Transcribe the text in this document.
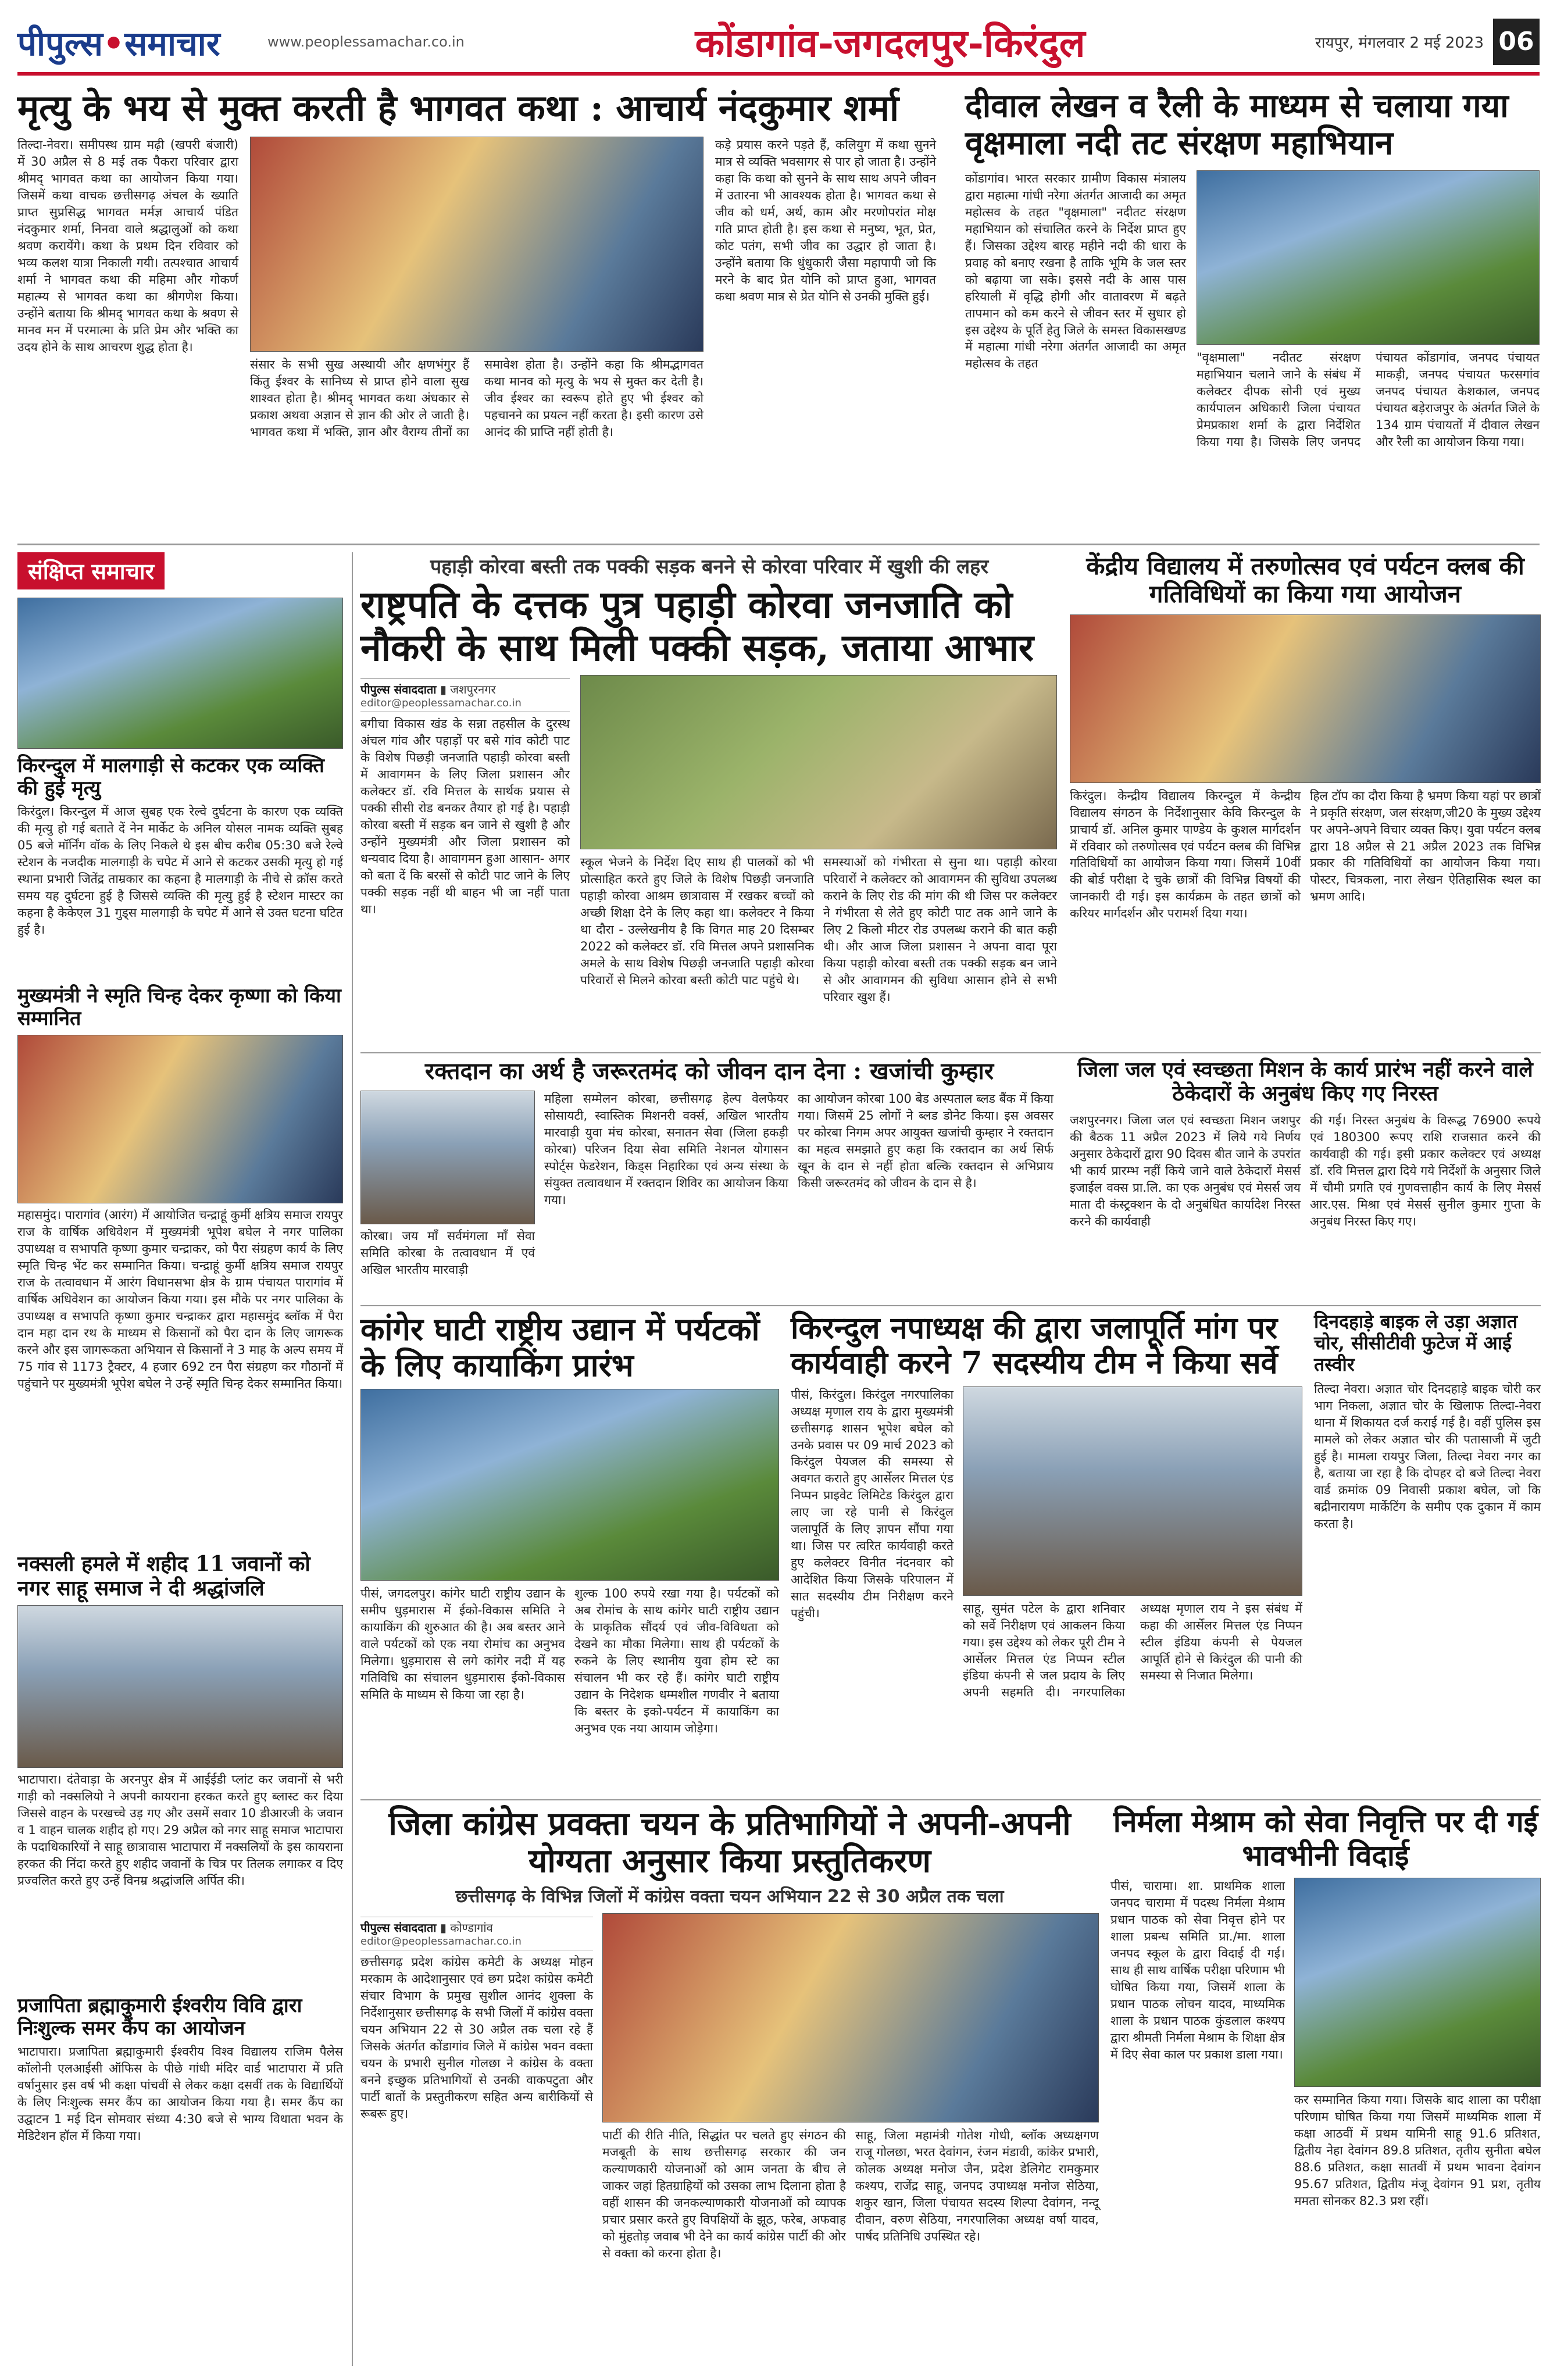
पीपुल्स•समाचार	www.peoplessamachar.co.in	कोंडागांव-जगदलपुर-किरंदुल	रायपुर, मंगलवार 2 मई 2023 06
मृत्यु के भय से मुक्त करती है भागवत कथा : आचार्य नंदकुमार शर्मा
तिल्दा-नेवरा। समीपस्थ ग्राम मढ़ी (खपरी बंजारी) में 30 अप्रैल से 8 मई तक पैकरा परिवार द्वारा श्रीमद् भागवत कथा का आयोजन किया गया। जिसमें कथा वाचक छत्तीसगढ़ अंचल के ख्याति प्राप्त सुप्रसिद्ध भागवत मर्मज्ञ आचार्य पंडित नंदकुमार शर्मा, निनवा वाले श्रद्धालुओं को कथा श्रवण करायेंगे। कथा के प्रथम दिन रविवार को भव्य कलश यात्रा निकाली गयी। तत्पश्चात आचार्य शर्मा ने भागवत कथा की महिमा और गोकर्ण महात्म्य से भागवत कथा का श्रीगणेश किया। उन्होंने बताया कि श्रीमद् भागवत कथा के श्रवण से मानव मन में परमात्मा के प्रति प्रेम और भक्ति का उदय होने के साथ आचरण शुद्ध होता है।
संसार के सभी सुख अस्थायी और क्षणभंगुर हैं किंतु ईश्वर के सानिध्य से प्राप्त होने वाला सुख शाश्वत होता है। श्रीमद् भागवत कथा अंधकार से प्रकाश अथवा अज्ञान से ज्ञान की ओर ले जाती है। भागवत कथा में भक्ति, ज्ञान और वैराग्य तीनों का समावेश होता है। उन्होंने कहा कि श्रीमद्भागवत कथा मानव को मृत्यु के भय से मुक्त कर देती है। जीव ईश्वर का स्वरूप होते हुए भी ईश्वर को पहचानने का प्रयत्न नहीं करता है। इसी कारण उसे आनंद की प्राप्ति नहीं होती है।
कड़े प्रयास करने पड़ते हैं, कलियुग में कथा सुनने मात्र से व्यक्ति भवसागर से पार हो जाता है। उन्होंने कहा कि कथा को सुनने के साथ साथ अपने जीवन में उतारना भी आवश्यक होता है। भागवत कथा से जीव को धर्म, अर्थ, काम और मरणोपरांत मोक्ष गति प्राप्त होती है। इस कथा से मनुष्य, भूत, प्रेत, कोट पतंग, सभी जीव का उद्धार हो जाता है। उन्होंने बताया कि धुंधुकारी जैसा महापापी जो कि मरने के बाद प्रेत योनि को प्राप्त हुआ, भागवत कथा श्रवण मात्र से प्रेत योनि से उनकी मुक्ति हुई।
दीवाल लेखन व रैली के माध्यम से चलाया गया वृक्षमाला नदी तट संरक्षण महाभियान
कोंडागांव। भारत सरकार ग्रामीण विकास मंत्रालय द्वारा महात्मा गांधी नरेगा अंतर्गत आजादी का अमृत महोत्सव के तहत "वृक्षमाला" नदीतट संरक्षण महाभियान को संचालित करने के निर्देश प्राप्त हुए हैं। जिसका उद्देश्य बारह महीने नदी की धारा के प्रवाह को बनाए रखना है ताकि भूमि के जल स्तर को बढ़ाया जा सके। इससे नदी के आस पास हरियाली में वृद्धि होगी और वातावरण में बढ़ते तापमान को कम करने से जीवन स्तर में सुधार हो इस उद्देश्य के पूर्ति हेतु जिले के समस्त विकासखण्ड में महात्मा गांधी नरेगा अंतर्गत आजादी का अमृत महोत्सव के तहत	"वृक्षमाला" नदीतट संरक्षण महाभियान चलाने जाने के संबंध में कलेक्टर दीपक सोनी एवं मुख्य कार्यपालन अधिकारी जिला पंचायत प्रेमप्रकाश शर्मा के द्वारा निर्देशित किया गया है। जिसके लिए जनपद पंचायत कोंडागांव, जनपद पंचायत माकड़ी, जनपद पंचायत फरसगांव जनपद पंचायत केशकाल, जनपद पंचायत बड़ेराजपुर के अंतर्गत जिले के 134 ग्राम पंचायतों में दीवाल लेखन और रैली का आयोजन किया गया।
संक्षिप्त समाचार
किरन्दुल में मालगाड़ी से कटकर एक व्यक्ति की हुई मृत्यु
किरंदुल। किरन्दुल में आज सुबह एक रेल्वे दुर्घटना के कारण एक व्यक्ति की मृत्यु हो गई बताते दें नेन मार्केट के अनिल योसल नामक व्यक्ति सुबह 05 बजे मॉर्निंग वॉक के लिए निकले थे इस बीच करीब 05:30 बजे रेल्वे स्टेशन के नजदीक मालगाड़ी के चपेट में आने से कटकर उसकी मृत्यु हो गई स्थाना प्रभारी जितेंद्र ताम्रकार का कहना है मालगाड़ी के नीचे से क्रॉस करते समय यह दुर्घटना हुई है जिससे व्यक्ति की मृत्यु हुई है स्टेशन मास्टर का कहना है केकेएल 31 गुड्स मालगाड़ी के चपेट में आने से उक्त घटना घटित हुई है।
मुख्यमंत्री ने स्मृति चिन्ह देकर कृष्णा को किया सम्मानित
महासमुंद। पारागांव (आरंग) में आयोजित चन्द्राहूं कुर्मी क्षत्रिय समाज रायपुर राज के वार्षिक अधिवेशन में मुख्यमंत्री भूपेश बघेल ने नगर पालिका उपाध्यक्ष व सभापति कृष्णा कुमार चन्द्राकर, को पैरा संग्रहण कार्य के लिए स्मृति चिन्ह भेंट कर सम्मानित किया। चन्द्राहूं कुर्मी क्षत्रिय समाज रायपुर राज के तत्वावधान में आरंग विधानसभा क्षेत्र के ग्राम पंचायत पारागांव में वार्षिक अधिवेशन का आयोजन किया गया। इस मौके पर नगर पालिका के उपाध्यक्ष व सभापति कृष्णा कुमार चन्द्राकर द्वारा महासमुंद ब्लॉक में पैरा दान महा दान रथ के माध्यम से किसानों को पैरा दान के लिए जागरूक करने और इस जागरूकता अभियान से किसानों ने 3 माह के अल्प समय में 75 गांव से 1173 ट्रैक्टर, 4 हजार 692 टन पैरा संग्रहण कर गौठानों में पहुंचाने पर मुख्यमंत्री भूपेश बघेल ने उन्हें स्मृति चिन्ह देकर सम्मानित किया।
नक्सली हमले में शहीद 11 जवानों को नगर साहू समाज ने दी श्रद्धांजलि
भाटापारा। दंतेवाड़ा के अरनपुर क्षेत्र में आईईडी प्लांट कर जवानों से भरी गाड़ी को नक्सलियो ने अपनी कायराना हरकत करते हुए ब्लास्ट कर दिया जिससे वाहन के परखच्चे उड़ गए और उसमें सवार 10 डीआरजी के जवान व 1 वाहन चालक शहीद हो गए। 29 अप्रैल को नगर साहू समाज भाटापारा के पदाधिकारियों ने साहू छात्रावास भाटापारा में नक्सलियों के इस कायराना हरकत की निंदा करते हुए शहीद जवानों के चित्र पर तिलक लगाकर व दिए प्रज्वलित करते हुए उन्हें विनम्र श्रद्धांजलि अर्पित की।
प्रजापिता ब्रह्माकुमारी ईश्वरीय विवि द्वारा निःशुल्क समर कैंप का आयोजन
भाटापारा। प्रजापिता ब्रह्माकुमारी ईश्वरीय विश्व विद्यालय राजिम पैलेस कॉलोनी एलआईसी ऑफिस के पीछे गांधी मंदिर वार्ड भाटापारा में प्रति वर्षानुसार इस वर्ष भी कक्षा पांचवीं से लेकर कक्षा दसवीं तक के विद्यार्थियों के लिए निःशुल्क समर कैंप का आयोजन किया गया है। समर कैंप का उद्घाटन 1 मई दिन सोमवार संध्या 4:30 बजे से भाग्य विधाता भवन के मेडिटेशन हॉल में किया गया।
पहाड़ी कोरवा बस्ती तक पक्की सड़क बनने से कोरवा परिवार में खुशी की लहर
राष्ट्रपति के दत्तक पुत्र पहाड़ी कोरवा जनजाति को नौकरी के साथ मिली पक्की सड़क, जताया आभार
पीपुल्स संवाददाता ▮ जशपुरनगर
editor@peoplessamachar.co.in
बगीचा विकास खंड के सन्ना तहसील के दुरस्थ अंचल गांव और पहाड़ों पर बसे गांव कोटी पाट के विशेष पिछड़ी जनजाति पहाड़ी कोरवा बस्ती में आवागमन के लिए जिला प्रशासन और कलेक्टर डॉ. रवि मित्तल के सार्थक प्रयास से पक्की सीसी रोड बनकर तैयार हो गई है। पहाड़ी कोरवा बस्ती में सड़क बन जाने से खुशी है और उन्होंने मुख्यमंत्री और जिला प्रशासन को धन्यवाद दिया है। आवागमन हुआ आसान- अगर को बता दें कि बरसों से कोटी पाट जाने के लिए पक्की सड़क नहीं थी बाहन भी जा नहीं पाता था।
स्कूल भेजने के निर्देश दिए साथ ही पालकों को भी प्रोत्साहित करते हुए जिले के विशेष पिछड़ी जनजाति पहाड़ी कोरवा आश्रम छात्रावास में रखकर बच्चों को अच्छी शिक्षा देने के लिए कहा था। कलेक्टर ने किया था दौरा - उल्लेखनीय है कि विगत माह 20 दिसम्बर 2022 को कलेक्टर डॉ. रवि मित्तल अपने प्रशासनिक अमले के साथ विशेष पिछड़ी जनजाति पहाड़ी कोरवा परिवारों से मिलने कोरवा बस्ती कोटी पाट पहुंचे थे।
समस्याओं को गंभीरता से सुना था। पहाड़ी कोरवा परिवारों ने कलेक्टर को आवागमन की सुविधा उपलब्ध कराने के लिए रोड की मांग की थी जिस पर कलेक्टर ने गंभीरता से लेते हुए कोटी पाट तक आने जाने के लिए 2 किलो मीटर रोड उपलब्ध कराने की बात कही थी। और आज जिला प्रशासन ने अपना वादा पूरा किया पहाड़ी कोरवा बस्ती तक पक्की सड़क बन जाने से और आवागमन की सुविधा आसान होने से सभी परिवार खुश हैं।
केंद्रीय विद्यालय में तरुणोत्सव एवं पर्यटन क्लब की गतिविधियों का किया गया आयोजन
किरंदुल। केन्द्रीय विद्यालय किरन्दुल में केन्द्रीय विद्यालय संगठन के निर्देशानुसार केवि किरन्दुल के प्राचार्य डॉ. अनिल कुमार पाण्डेय के कुशल मार्गदर्शन में रविवार को तरुणोत्सव एवं पर्यटन क्लब की विभिन्न गतिविधियों का आयोजन किया गया। जिसमें 10वीं की बोर्ड परीक्षा दे चुके छात्रों की विभिन्न विषयों की जानकारी दी गई। इस कार्यक्रम के तहत छात्रों को करियर मार्गदर्शन और परामर्श दिया गया।
हिल टॉप का दौरा किया है भ्रमण किया यहां पर छात्रों ने प्रकृति संरक्षण, जल संरक्षण,जी20 के मुख्य उद्देश्य पर अपने-अपने विचार व्यक्त किए। युवा पर्यटन क्लब द्वारा 18 अप्रैल से 21 अप्रैल 2023 तक विभिन्न प्रकार की गतिविधियों का आयोजन किया गया। पोस्टर, चित्रकला, नारा लेखन ऐतिहासिक स्थल का भ्रमण आदि।
रक्तदान का अर्थ है जरूरतमंद को जीवन दान देना : खजांची कुम्हार
कोरबा। जय माँ सर्वमंगला माँ सेवा समिति कोरबा के तत्वावधान में एवं अखिल भारतीय मारवाड़ी
महिला सम्मेलन कोरबा, छत्तीसगढ़ हेल्प वेलफेयर सोसायटी, स्वास्तिक मिशनरी वर्क्स, अखिल भारतीय मारवाड़ी युवा मंच कोरबा, सनातन सेवा (जिला हकड़ी कोरबा) परिजन दिया सेवा समिति नेशनल योगासन स्पोर्ट्स फेडरेशन, किड्स निहारिका एवं अन्य संस्था के संयुक्त तत्वावधान में रक्तदान शिविर का आयोजन किया गया।
का आयोजन कोरबा 100 बेड अस्पताल ब्लड बैंक में किया गया। जिसमें 25 लोगों ने ब्लड डोनेट किया। इस अवसर पर कोरबा निगम अपर आयुक्त खजांची कुम्हार ने रक्तदान का महत्व समझाते हुए कहा कि रक्तदान का अर्थ सिर्फ खून के दान से नहीं होता बल्कि रक्तदान से अभिप्राय किसी जरूरतमंद को जीवन के दान से है।
जिला जल एवं स्वच्छता मिशन के कार्य प्रारंभ नहीं करने वाले ठेकेदारों के अनुबंध किए गए निरस्त
जशपुरनगर। जिला जल एवं स्वच्छता मिशन जशपुर की बैठक 11 अप्रैल 2023 में लिये गये निर्णय अनुसार ठेकेदारों द्वारा 90 दिवस बीत जाने के उपरांत भी कार्य प्रारम्भ नहीं किये जाने वाले ठेकेदारों मेसर्स इजाईल वक्स प्रा.लि. का एक अनुबंध एवं मेसर्स जय माता दी कंस्ट्रक्शन के दो अनुबंधित कार्यादेश निरस्त करने की कार्यवाही
की गई। निरस्त अनुबंध के विरूद्ध 76900 रूपये एवं 180300 रूपए राशि राजसात करने की कार्यवाही की गई। इसी प्रकार कलेक्टर एवं अध्यक्ष डॉ. रवि मित्तल द्वारा दिये गये निर्देशों के अनुसार जिले में चौमी प्रगति एवं गुणवत्ताहीन कार्य के लिए मेसर्स आर.एस. मिश्रा एवं मेसर्स सुनील कुमार गुप्ता के अनुबंध निरस्त किए गए।
कांगेर घाटी राष्ट्रीय उद्यान में पर्यटकों के लिए कायाकिंग प्रारंभ
पीसं, जगदलपुर। कांगेर घाटी राष्ट्रीय उद्यान के समीप धुड़मारास में ईको-विकास समिति ने कायाकिंग की शुरुआत की है। अब बस्तर आने वाले पर्यटकों को एक नया रोमांच का अनुभव मिलेगा। धुड़मारास से लगे कांगेर नदी में यह गतिविधि का संचालन धुड़मारास ईको-विकास समिति के माध्यम से किया जा रहा है।
शुल्क 100 रुपये रखा गया है। पर्यटकों को अब रोमांच के साथ कांगेर घाटी राष्ट्रीय उद्यान के प्राकृतिक सौंदर्य एवं जीव-विविधता को देखने का मौका मिलेगा। साथ ही पर्यटकों के रुकने के लिए स्थानीय युवा होम स्टे का संचालन भी कर रहे हैं। कांगेर घाटी राष्ट्रीय उद्यान के निदेशक धम्मशील गणवीर ने बताया कि बस्तर के इको-पर्यटन में कायाकिंग का अनुभव एक नया आयाम जोड़ेगा।
किरन्दुल नपाध्यक्ष की द्वारा जलापूर्ति मांग पर कार्यवाही करने 7 सदस्यीय टीम ने किया सर्वे
पीसं, किरंदुल। किरंदुल नगरपालिका अध्यक्ष मृणाल राय के द्वारा मुख्यमंत्री छत्तीसगढ़ शासन भूपेश बघेल को उनके प्रवास पर 09 मार्च 2023 को किरंदुल पेयजल की समस्या से अवगत कराते हुए आर्सेलर मित्तल एंड निप्पन प्राइवेट लिमिटेड किरंदुल द्वारा लाए जा रहे पानी से किरंदुल जलापूर्ति के लिए ज्ञापन सौंपा गया था। जिस पर त्वरित कार्यवाही करते हुए कलेक्टर विनीत नंदनवार को आदेशित किया जिसके परिपालन में सात सदस्यीय टीम निरीक्षण करने पहुंची।	साहू, सुमंत पटेल के द्वारा शनिवार को सर्वे निरीक्षण एवं आकलन किया गया। इस उद्देश्य को लेकर पूरी टीम ने आर्सेलर मित्तल एंड निप्पन स्टील इंडिया कंपनी से जल प्रदाय के लिए अपनी सहमति दी। नगरपालिका अध्यक्ष मृणाल राय ने इस संबंध में कहा की आर्सेलर मित्तल एंड निप्पन स्टील इंडिया कंपनी से पेयजल आपूर्ति होने से किरंदुल की पानी की समस्या से निजात मिलेगा।
दिनदहाड़े बाइक ले उड़ा अज्ञात चोर, सीसीटीवी फुटेज में आई तस्वीर
तिल्दा नेवरा। अज्ञात चोर दिनदहाड़े बाइक चोरी कर भाग निकला, अज्ञात चोर के खिलाफ तिल्दा-नेवरा थाना में शिकायत दर्ज कराई गई है। वहीं पुलिस इस मामले को लेकर अज्ञात चोर की पतासाजी में जुटी हुई है। मामला रायपुर जिला, तिल्दा नेवरा नगर का है, बताया जा रहा है कि दोपहर दो बजे तिल्दा नेवरा वार्ड क्रमांक 09 निवासी प्रकाश बघेल, जो कि बद्रीनारायण मार्केटिंग के समीप एक दुकान में काम करता है।
जिला कांग्रेस प्रवक्ता चयन के प्रतिभागियों ने अपनी-अपनी योग्यता अनुसार किया प्रस्तुतिकरण
छत्तीसगढ़ के विभिन्न जिलों में कांग्रेस वक्ता चयन अभियान 22 से 30 अप्रैल तक चला
पीपुल्स संवाददाता ▮ कोण्डागांव
editor@peoplessamachar.co.in
छत्तीसगढ़ प्रदेश कांग्रेस कमेटी के अध्यक्ष मोहन मरकाम के आदेशानुसार एवं छग प्रदेश कांग्रेस कमेटी संचार विभाग के प्रमुख सुशील आनंद शुक्ला के निर्देशानुसार छत्तीसगढ़ के सभी जिलों में कांग्रेस वक्ता चयन अभियान 22 से 30 अप्रैल तक चला रहे हैं जिसके अंतर्गत कोंडागांव जिले में कांग्रेस भवन वक्ता चयन के प्रभारी सुनील गोलछा ने कांग्रेस के वक्ता बनने इच्छुक प्रतिभागियों से उनकी वाकपटुता और पार्टी बातों के प्रस्तुतीकरण सहित अन्य बारीकियों से रूबरू हुए।
पार्टी की रीति नीति, सिद्धांत पर चलते हुए संगठन की मजबूती के साथ छत्तीसगढ़ सरकार की जन कल्याणकारी योजनाओं को आम जनता के बीच ले जाकर जहां हितग्राहियों को उसका लाभ दिलाना होता है वहीं शासन की जनकल्याणकारी योजनाओं को व्यापक प्रचार प्रसार करते हुए विपक्षियों के झूठ, फरेब, अफवाह को मुंहतोड़ जवाब भी देने का कार्य कांग्रेस पार्टी की ओर से वक्ता को करना होता है।
साहू, जिला महामंत्री गोतेश गोधी, ब्लॉक अध्यक्षगण राजू गोलछा, भरत देवांगन, रंजन मंडावी, कांकेर प्रभारी, कोलक अध्यक्ष मनोज जैन, प्रदेश डेलिगेट रामकुमार कश्यप, राजेंद्र साहू, जनपद उपाध्यक्ष मनोज सेठिया, शकुर खान, जिला पंचायत सदस्य शिल्पा देवांगन, नन्दू दीवान, वरुण सेठिया, नगरपालिका अध्यक्ष वर्षा यादव, पार्षद प्रतिनिधि उपस्थित रहे।
निर्मला मेश्राम को सेवा निवृत्ति पर दी गई भावभीनी विदाई
पीसं, चारामा। शा. प्राथमिक शाला जनपद चारामा में पदस्थ निर्मला मेश्राम प्रधान पाठक को सेवा निवृत्त होने पर शाला प्रबन्ध समिति प्रा./मा. शाला जनपद स्कूल के द्वारा विदाई दी गई। साथ ही साथ वार्षिक परीक्षा परिणाम भी घोषित किया गया, जिसमें शाला के प्रधान पाठक लोचन यादव, माध्यमिक शाला के प्रधान पाठक कुंडलाल कश्यप द्वारा श्रीमती निर्मला मेश्राम के शिक्षा क्षेत्र में दिए सेवा काल पर प्रकाश डाला गया।
कर सम्मानित किया गया। जिसके बाद शाला का परीक्षा परिणाम घोषित किया गया जिसमें माध्यमिक शाला में कक्षा आठवीं में प्रथम यामिनी साहू 91.6 प्रतिशत, द्वितीय नेहा देवांगन 89.8 प्रतिशत, तृतीय सुनीता बघेल 88.6 प्रतिशत, कक्षा सातवीं में प्रथम भावना देवांगन 95.67 प्रतिशत, द्वितीय मंजू देवांगन 91 प्रश, तृतीय ममता सोनकर 82.3 प्रश रहीं।
